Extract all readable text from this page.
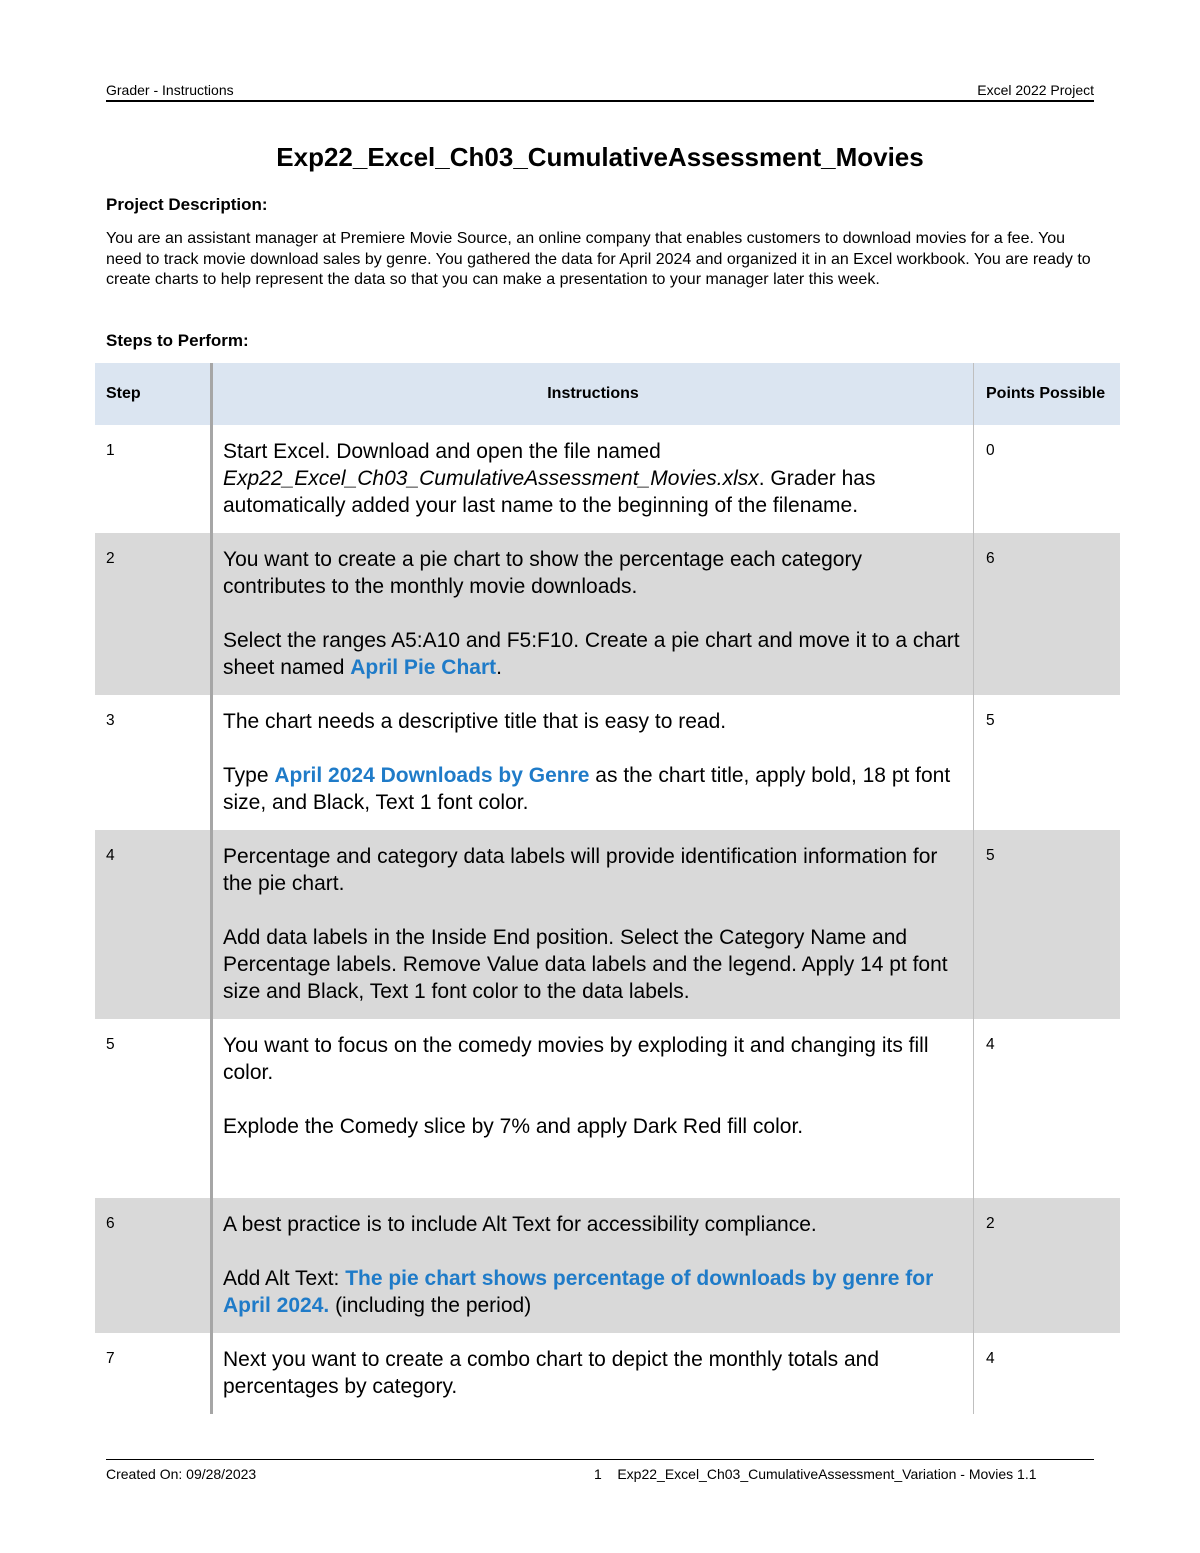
Grader - Instructions	Excel 2022 Project
Exp22_Excel_Ch03_CumulativeAssessment_Movies
Project Description:
You are an assistant manager at Premiere Movie Source, an online company that enables customers to download movies for a fee. You need to track movie download sales by genre. You gathered the data for April 2024 and organized it in an Excel workbook. You are ready to create charts to help represent the data so that you can make a presentation to your manager later this week.
Steps to Perform:
Step	Instructions	Points Possible
1	Start Excel. Download and open the file named Exp22_Excel_Ch03_CumulativeAssessment_Movies.xlsx. Grader has automatically added your last name to the beginning of the filename.	0
2	You want to create a pie chart to show the percentage each category contributes to the monthly movie downloads.

Select the ranges A5:A10 and F5:F10. Create a pie chart and move it to a chart sheet named April Pie Chart.	6
3	The chart needs a descriptive title that is easy to read.

Type April 2024 Downloads by Genre as the chart title, apply bold, 18 pt font size, and Black, Text 1 font color.	5
4	Percentage and category data labels will provide identification information for the pie chart.

Add data labels in the Inside End position. Select the Category Name and Percentage labels. Remove Value data labels and the legend. Apply 14 pt font size and Black, Text 1 font color to the data labels.	5
5	You want to focus on the comedy movies by exploding it and changing its fill color.

Explode the Comedy slice by 7% and apply Dark Red fill color.	4
6	A best practice is to include Alt Text for accessibility compliance.

Add Alt Text: The pie chart shows percentage of downloads by genre for April 2024. (including the period)	2
7	Next you want to create a combo chart to depict the monthly totals and percentages by category.	4
Created On: 09/28/2023	1    Exp22_Excel_Ch03_CumulativeAssessment_Variation - Movies 1.1
